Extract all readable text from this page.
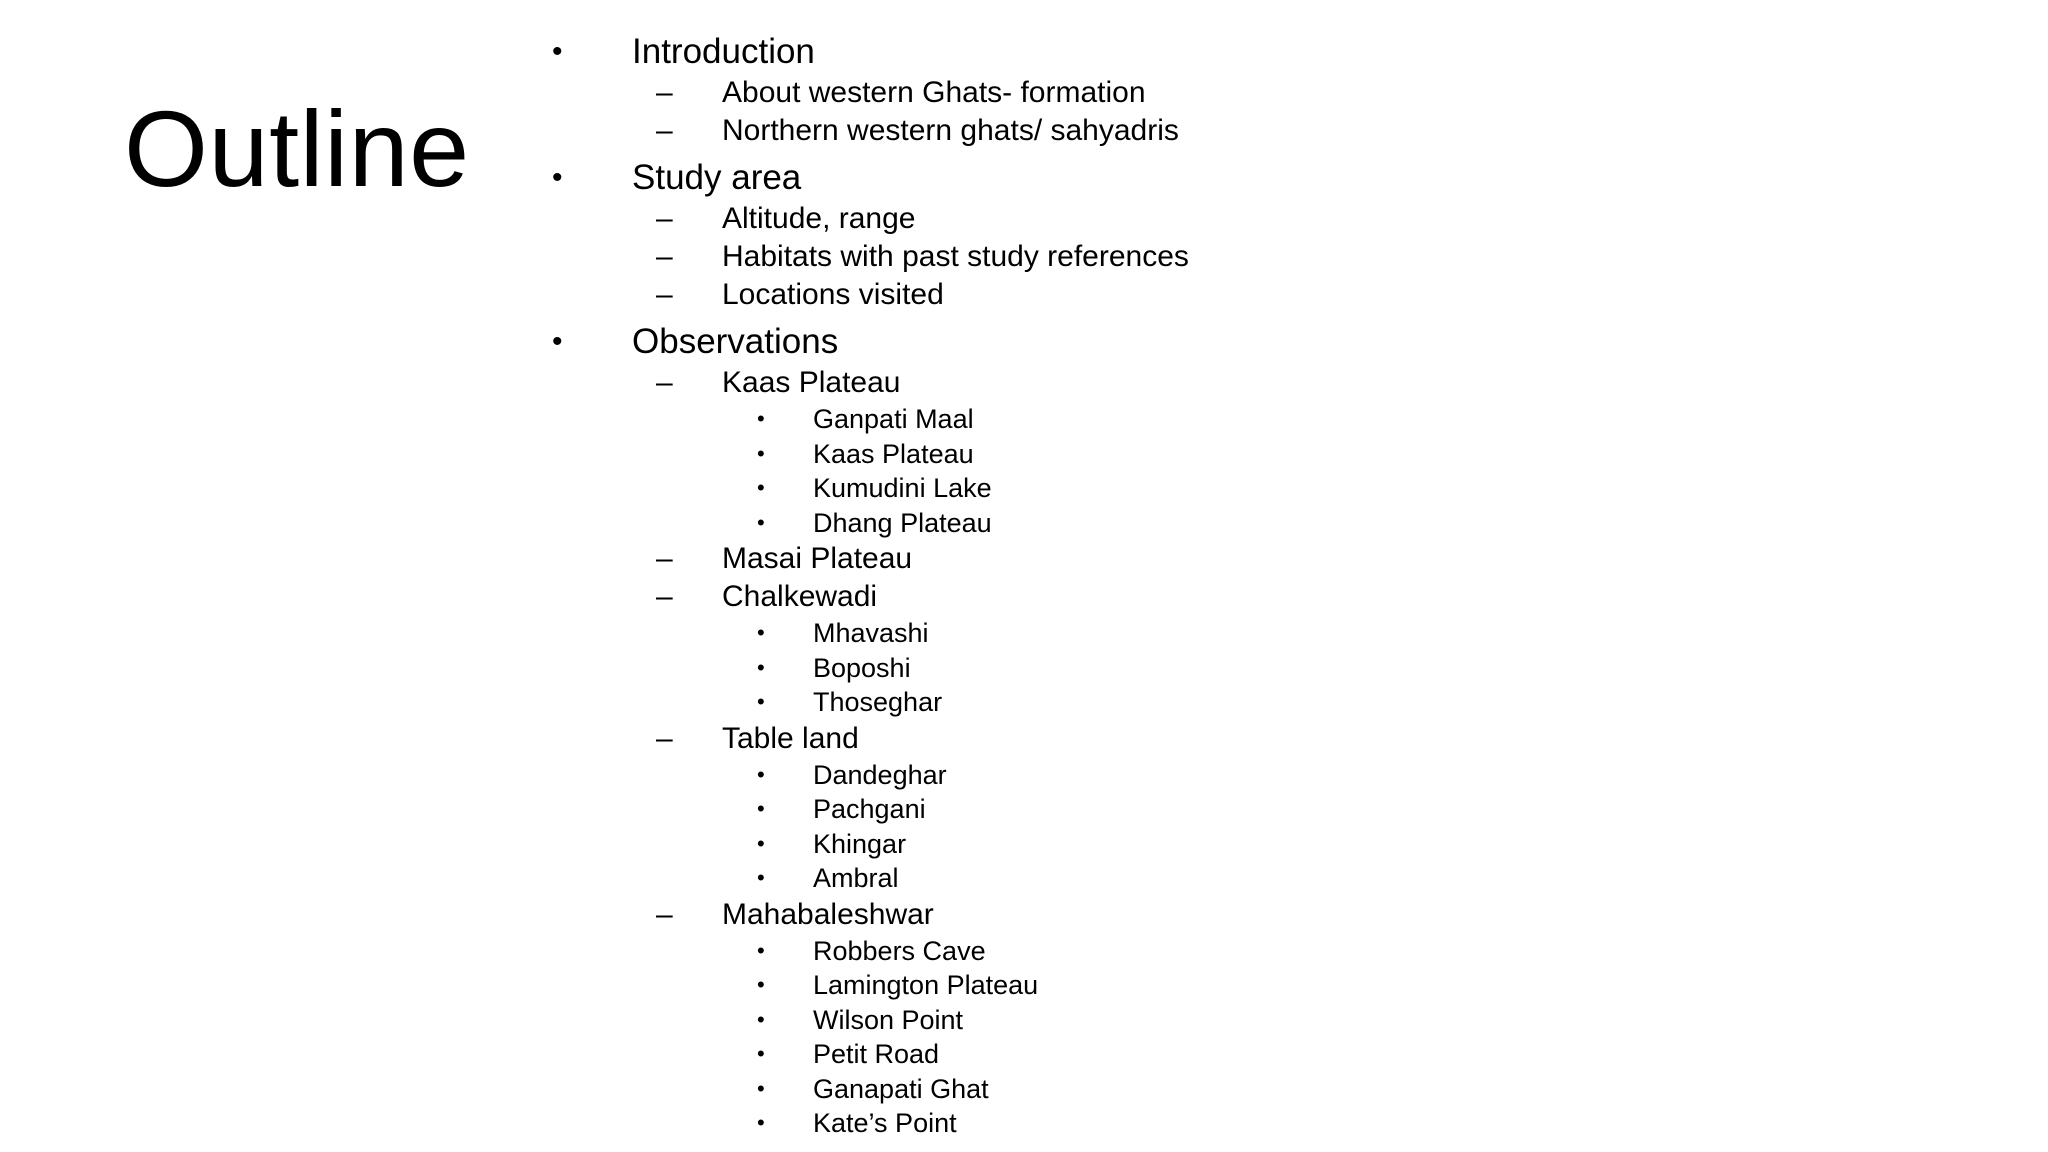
Outline
• Introduction
– About western Ghats- formation
– Northern western ghats/ sahyadris
• Study area
– Altitude, range
– Habitats with past study references
– Locations visited
• Observations
– Kaas Plateau
• Ganpati Maal
• Kaas Plateau
• Kumudini Lake
• Dhang Plateau
– Masai Plateau
– Chalkewadi
• Mhavashi
• Boposhi
• Thoseghar
– Table land
• Dandeghar
• Pachgani
• Khingar
• Ambral
– Mahabaleshwar
• Robbers Cave
• Lamington Plateau
• Wilson Point
• Petit Road
• Ganapati Ghat
• Kate’s Point
